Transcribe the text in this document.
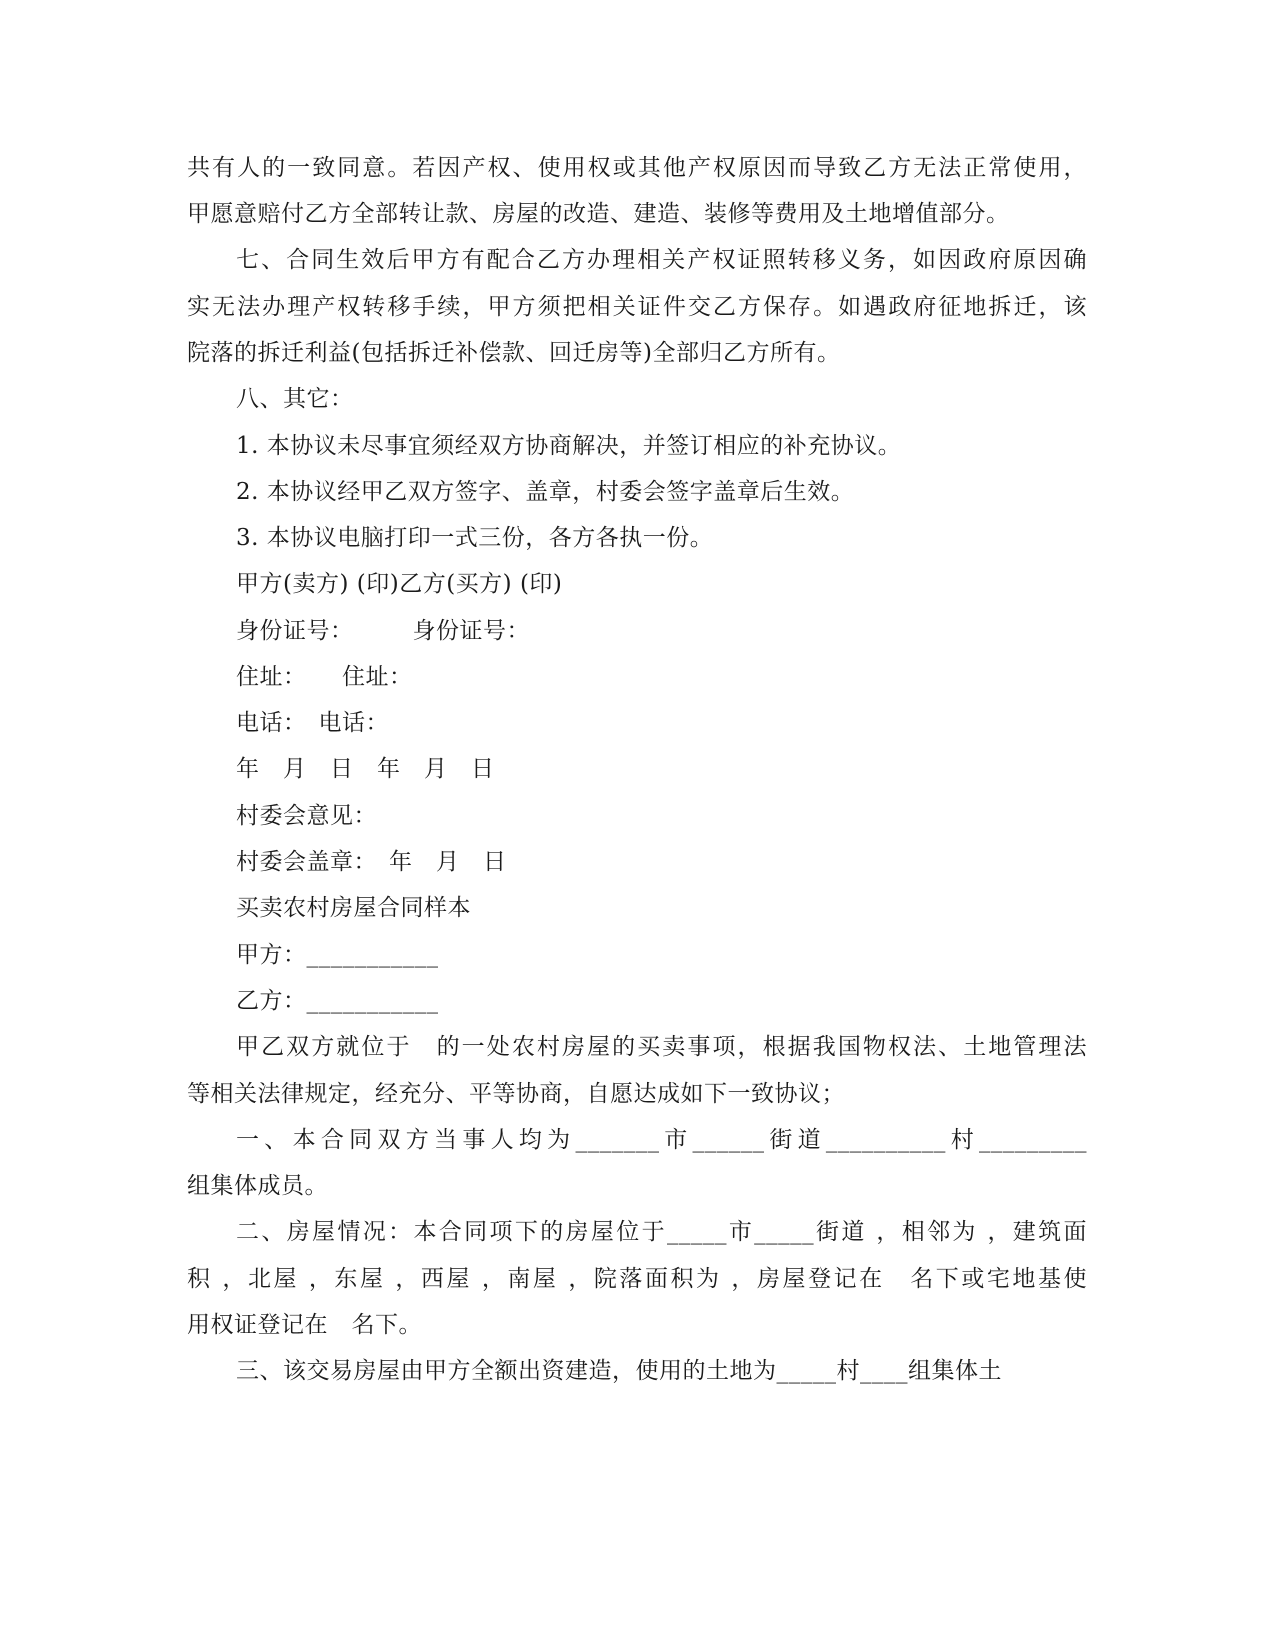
共有人的一致同意。若因产权、使用权或其他产权原因而导致乙方无法正常使用，
甲愿意赔付乙方全部转让款、房屋的改造、建造、装修等费用及土地增值部分。
七、合同生效后甲方有配合乙方办理相关产权证照转移义务，如因政府原因确
实无法办理产权转移手续，甲方须把相关证件交乙方保存。如遇政府征地拆迁，该
院落的拆迁利益(包括拆迁补偿款、回迁房等)全部归乙方所有。
八、其它：
1. 本协议未尽事宜须经双方协商解决，并签订相应的补充协议。
2. 本协议经甲乙双方签字、盖章，村委会签字盖章后生效。
3. 本协议电脑打印一式三份，各方各执一份。
甲方(卖方) (印)乙方(买方) (印)
身份证号：　　　身份证号：
住址：　　住址：
电话：　电话：
年　月　日　年　月　日
村委会意见：
村委会盖章：　年　月　日
买卖农村房屋合同样本
甲方：___________
乙方：___________
甲乙双方就位于　的一处农村房屋的买卖事项，根据我国物权法、土地管理法
等相关法律规定，经充分、平等协商，自愿达成如下一致协议；
一、本合同双方当事人均为_______市______街道__________村_________
组集体成员。
二、房屋情况：本合同项下的房屋位于_____市_____街道 ，相邻为 ，建筑面
积 ，北屋 ，东屋 ，西屋 ，南屋 ，院落面积为 ，房屋登记在　名下或宅地基使
用权证登记在　名下。
三、该交易房屋由甲方全额出资建造，使用的土地为_____村____组集体土
